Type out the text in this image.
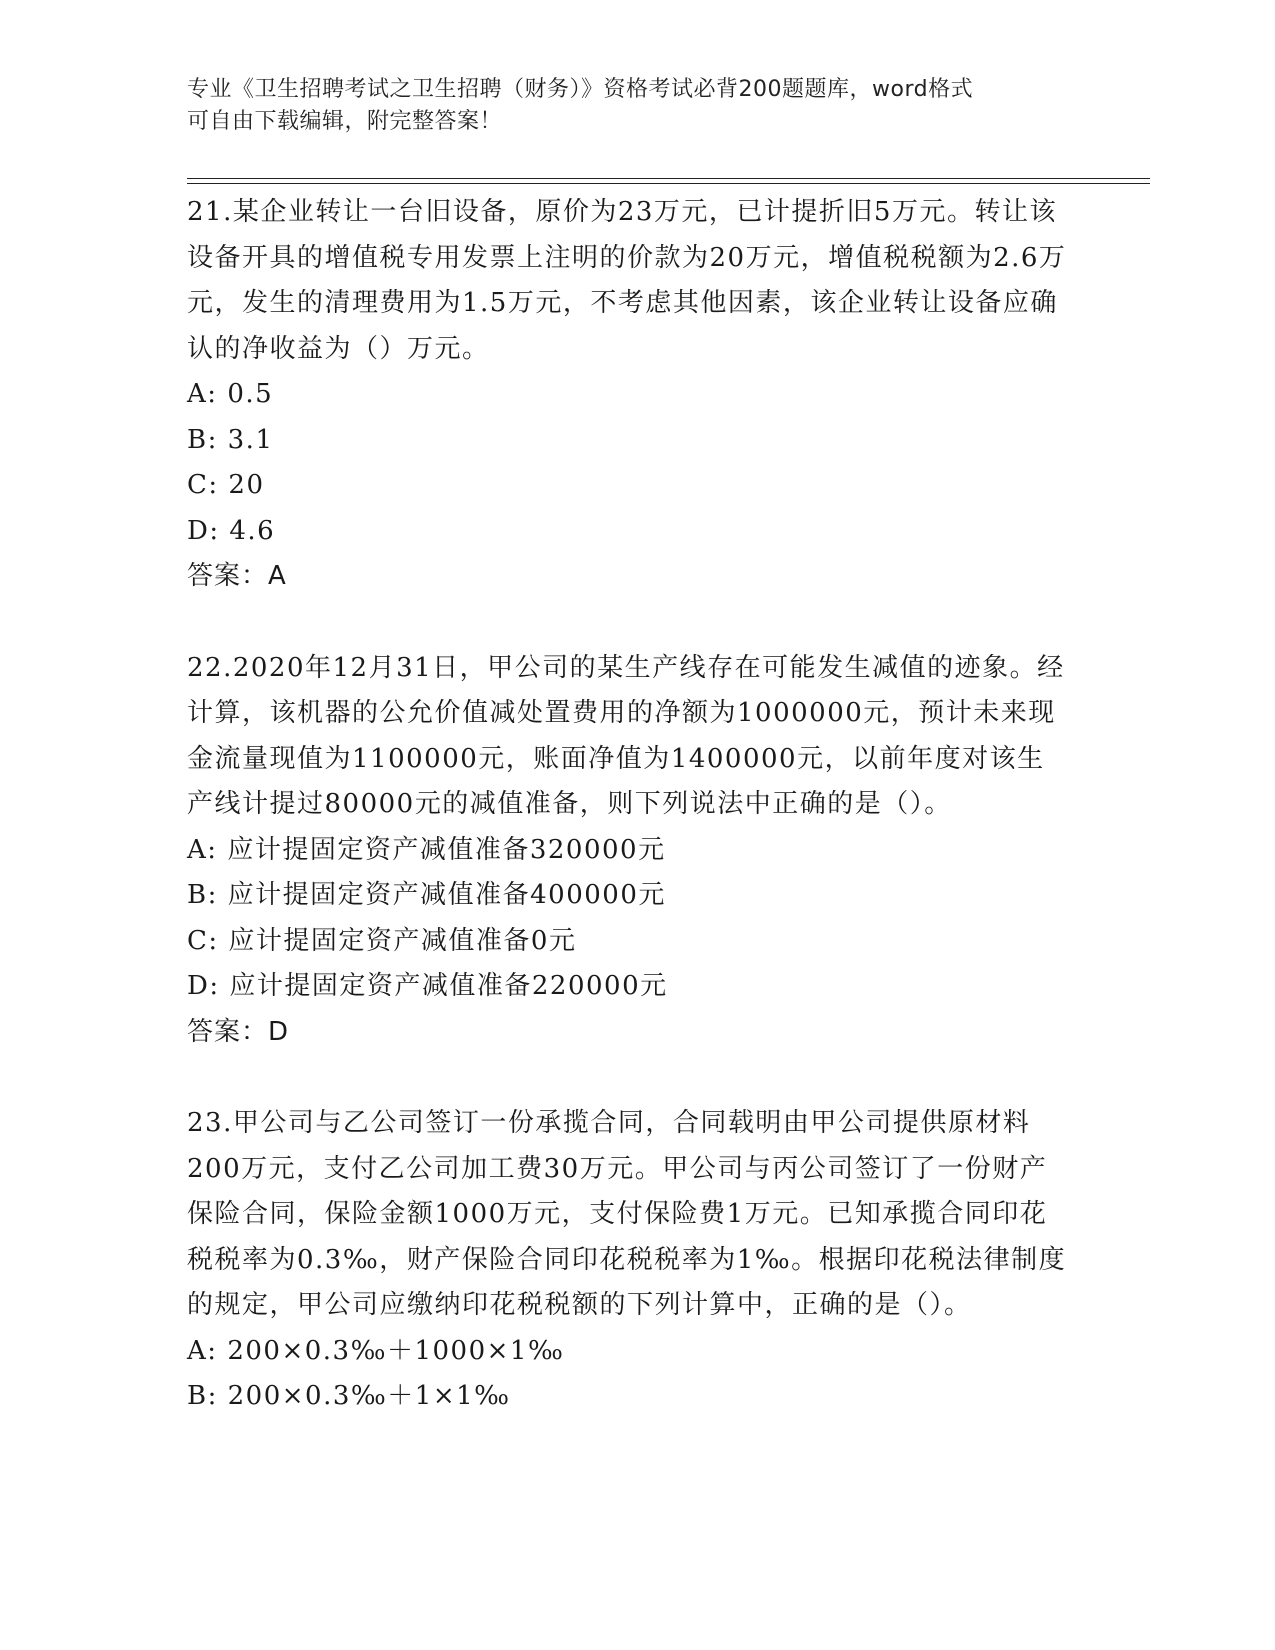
专业《卫生招聘考试之卫生招聘（财务）》资格考试必背200题题库，word格式
可自由下载编辑，附完整答案！
21.某企业转让一台旧设备，原价为23万元，已计提折旧5万元。转让该设备开具的增值税专用发票上注明的价款为20万元，增值税税额为2.6万元，发生的清理费用为1.5万元，不考虑其他因素，该企业转让设备应确认的净收益为（）万元。
A: 0.5
B: 3.1
C: 20
D: 4.6
答案：A
22.2020年12月31日，甲公司的某生产线存在可能发生减值的迹象。经计算，该机器的公允价值减处置费用的净额为1000000元，预计未来现金流量现值为1100000元，账面净值为1400000元，以前年度对该生产线计提过80000元的减值准备，则下列说法中正确的是（）。
A: 应计提固定资产减值准备320000元
B: 应计提固定资产减值准备400000元
C: 应计提固定资产减值准备0元
D: 应计提固定资产减值准备220000元
答案：D
23.甲公司与乙公司签订一份承揽合同，合同载明由甲公司提供原材料200万元，支付乙公司加工费30万元。甲公司与丙公司签订了一份财产保险合同，保险金额1000万元，支付保险费1万元。已知承揽合同印花税税率为0.3‰，财产保险合同印花税税率为1‰。根据印花税法律制度的规定，甲公司应缴纳印花税税额的下列计算中，正确的是（）。
A: 200×0.3‰＋1000×1‰
B: 200×0.3‰＋1×1‰
